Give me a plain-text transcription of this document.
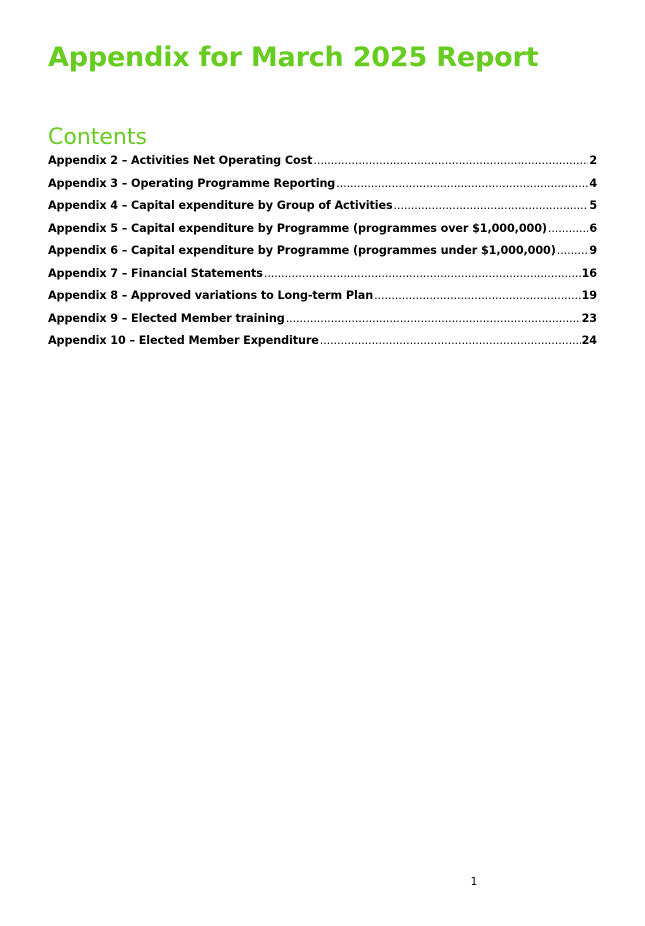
Appendix for March 2025 Report
Contents
Appendix 2 – Activities Net Operating Cost .....	2
Appendix 3 – Operating Programme Reporting .....	4
Appendix 4 – Capital expenditure by Group of Activities .....	5
Appendix 5 – Capital expenditure by Programme (programmes over $1,000,000) .....	6
Appendix 6 – Capital expenditure by Programme (programmes under $1,000,000) .....	9
Appendix 7 – Financial Statements .....	16
Appendix 8 – Approved variations to Long-term Plan .....	19
Appendix 9 – Elected Member training .....	23
Appendix 10 – Elected Member Expenditure .....	24
1
